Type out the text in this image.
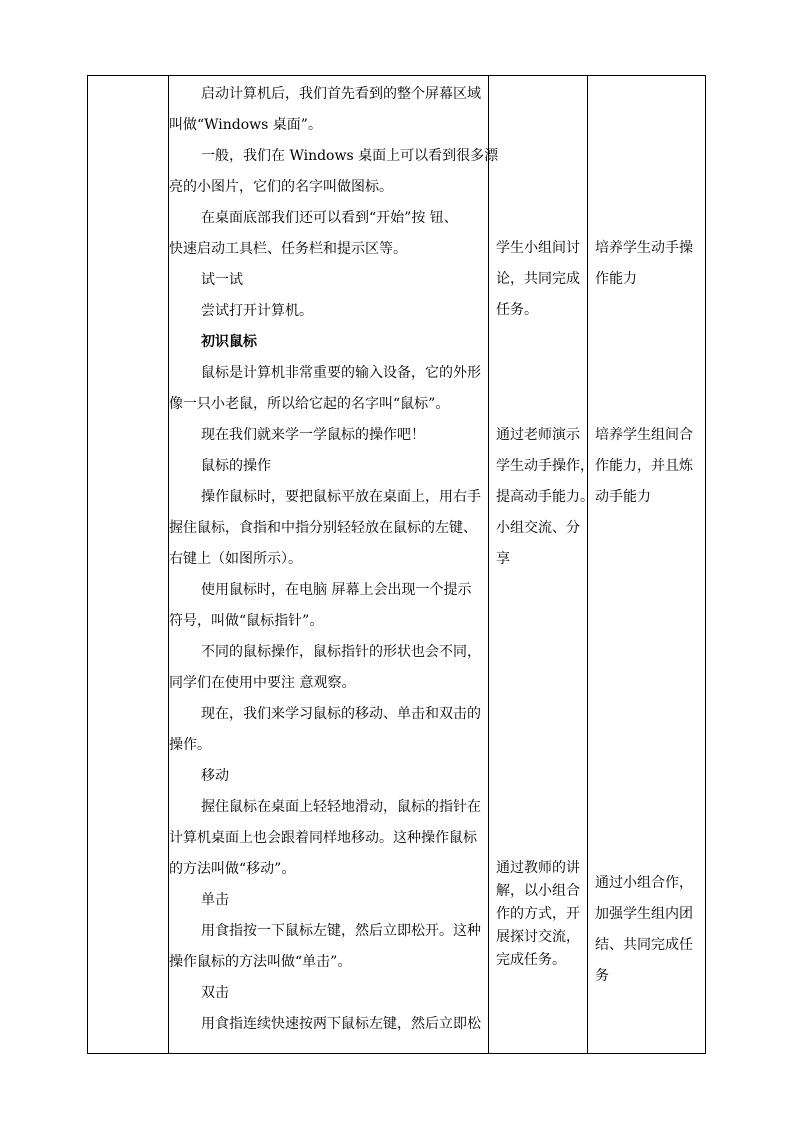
启动计算机后，我们首先看到的整个屏幕区域
叫做“Windows 桌面”。
一般，我们在 Windows 桌面上可以看到很多漂
亮的小图片，它们的名字叫做图标。
在桌面底部我们还可以看到“开始”按 钮、
快速启动工具栏、任务栏和提示区等。
试一试
尝试打开计算机。
初识鼠标
鼠标是计算机非常重要的输入设备，它的外形
像一只小老鼠，所以给它起的名字叫“鼠标”。
现在我们就来学一学鼠标的操作吧！
鼠标的操作
操作鼠标时，要把鼠标平放在桌面上，用右手
握住鼠标，食指和中指分别轻轻放在鼠标的左键、
右键上（如图所示）。
使用鼠标时，在电脑 屏幕上会出现一个提示
符号，叫做“鼠标指针”。
不同的鼠标操作，鼠标指针的形状也会不同，
同学们在使用中要注 意观察。
现在，我们来学习鼠标的移动、单击和双击的
操作。
移动
握住鼠标在桌面上轻轻地滑动，鼠标的指针在
计算机桌面上也会跟着同样地移动。这种操作鼠标
的方法叫做“移动”。
单击
用食指按一下鼠标左键，然后立即松开。这种
操作鼠标的方法叫做“单击”。
双击
用食指连续快速按两下鼠标左键，然后立即松
学生小组间讨
论，共同完成
任务。
通过老师演示
学生动手操作，
提高动手能力。
小组交流、分
享
通过教师的讲
解，以小组合
作的方式，开
展探讨交流，
完成任务。
培养学生动手操
作能力
培养学生组间合
作能力，并且炼
动手能力
通过小组合作，
加强学生组内团
结、共同完成任
务
